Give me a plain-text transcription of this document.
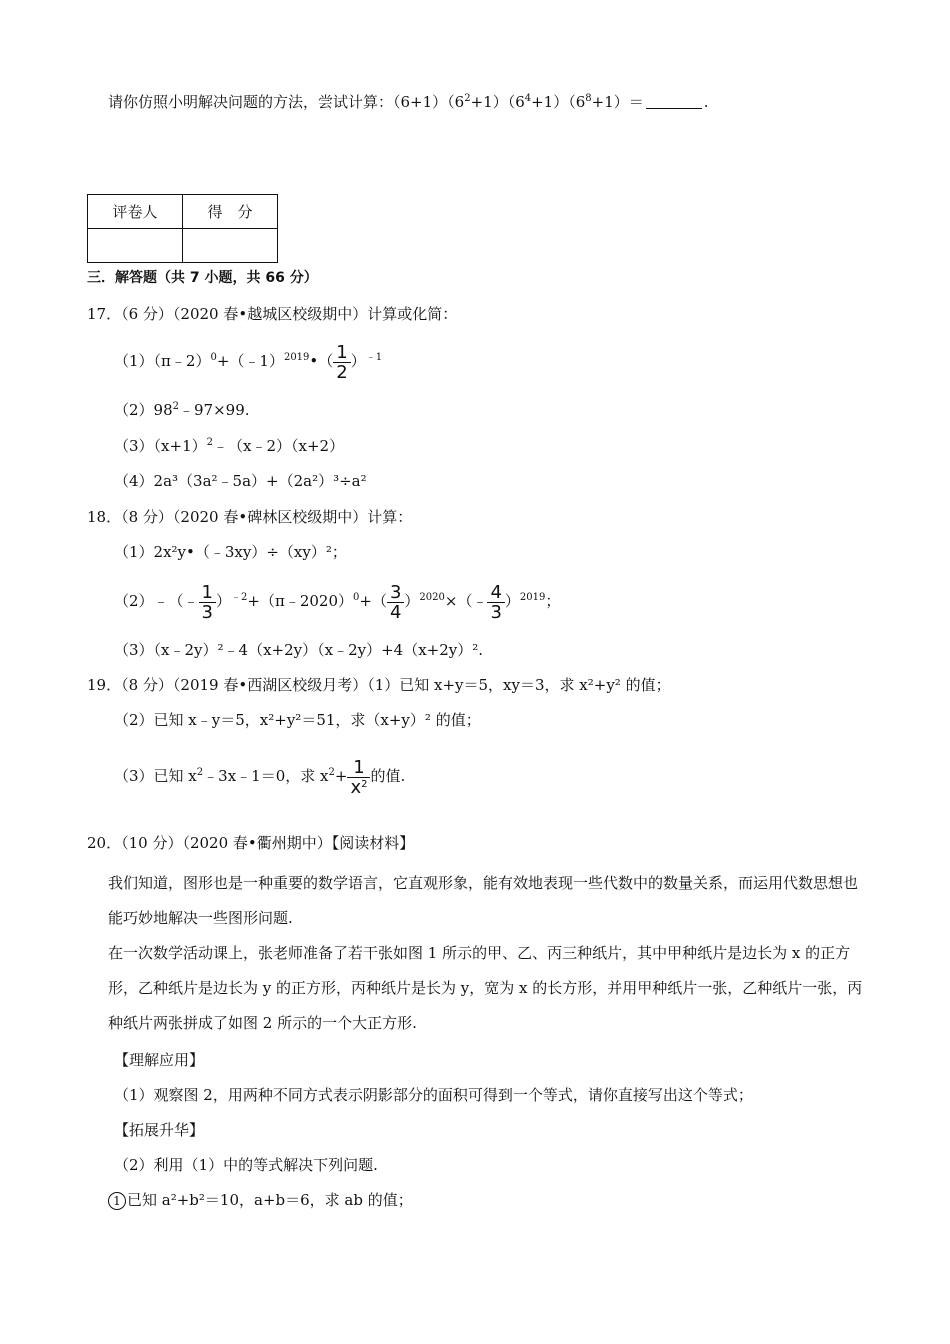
请你仿照小明解决问题的方法，尝试计算：$(6+1)(6^2+1)(6^4+1)(6^8+1)=$	.
评卷人	得　分

三．解答题（共 7 小题，共 66 分）
17．（6 分）（2020 春•越城区校级期中）计算或化简：
（1）（π﹣2）$^0$+（﹣1）$^{2019}$•（ $\frac{1}{2} )^{﹣1}$
$(2)98^2﹣97\times 99$.
$(3)(x+1)^2﹣(x﹣2)(x+2)$
（4）2a³（3a²﹣5a）+（2a²）³÷a²
18．（8 分）（2020 春•碑林区校级期中）计算：
（1）2x²y•（﹣3xy）÷（xy）²；
（2）﹣（﹣ $\frac{1}{3}$ ）$^{﹣2}$+（π﹣2020）$^0$+（ $\frac{3}{4}$ ）$^{2020}$×（﹣ $\frac{4}{3} )^{2019}$；
（3）（x﹣2y）²﹣4（x+2y）（x﹣2y）+4（x+2y）².
19．（8 分）（2019 春•西湖区校级月考）（1）已知 x+y＝5，xy＝3，求 x²+y² 的值；
（2）已知 x﹣y＝5，x²+y²＝51，求（x+y）² 的值；
（3）已知 $x^2﹣3x﹣1=0$，求 $x^2+ \frac{1}{x^2}$ 的值.
20．（10 分）（2020 春•衢州期中）【阅读材料】
我们知道，图形也是一种重要的数学语言，它直观形象，能有效地表现一些代数中的数量关系，而运用代数思想也能巧妙地解决一些图形问题.
在一次数学活动课上，张老师准备了若干张如图 1 所示的甲、乙、丙三种纸片，其中甲种纸片是边长为 x 的正方形，乙种纸片是边长为 y 的正方形，丙种纸片是长为 y，宽为 x 的长方形，并用甲种纸片一张，乙种纸片一张，丙种纸片两张拼成了如图 2 所示的一个大正方形.
【理解应用】
（1）观察图 2，用两种不同方式表示阴影部分的面积可得到一个等式，请你直接写出这个等式；
【拓展升华】
（2）利用（1）中的等式解决下列问题.
1 已知 a²+b²＝10，a+b＝6，求 ab 的值；
